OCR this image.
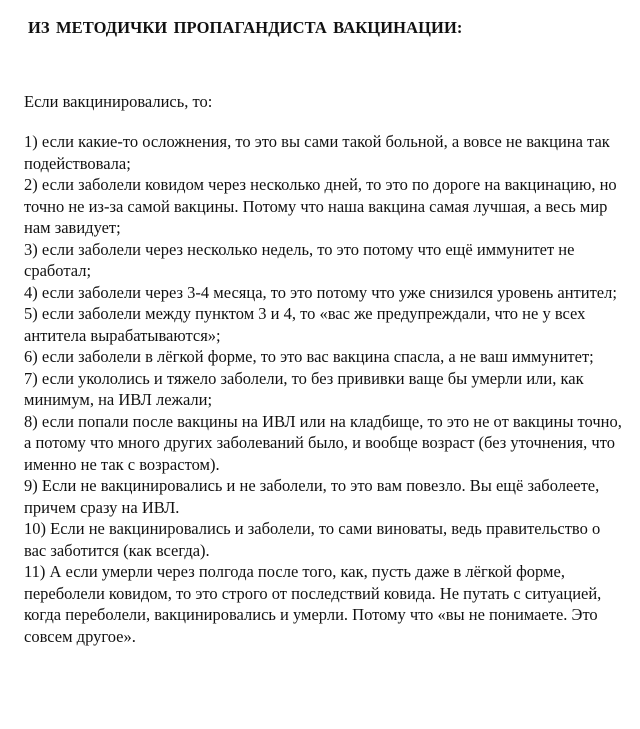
ИЗ МЕТОДИЧКИ ПРОПАГАНДИСТА ВАКЦИНАЦИИ:

Если вакцинировались, то:

1) если какие-то осложнения, то это вы сами такой больной, а вовсе не вакцина так подействовала;
2) если заболели ковидом через несколько дней, то это по дороге на вакцинацию, но точно не из-за самой вакцины. Потому что наша вакцина самая лучшая, а весь мир нам завидует;
3) если заболели через несколько недель, то это потому что ещё иммунитет не сработал;
4) если заболели через 3-4 месяца, то это потому что уже снизился уровень антител;
5) если заболели между пунктом 3 и 4, то «вас же предупреждали, что не у всех антитела вырабатываются»;
6) если заболели в лёгкой форме, то это вас вакцина спасла, а не ваш иммунитет;
7) если укололись и тяжело заболели, то без прививки ваще бы умерли или, как минимум, на ИВЛ лежали;
8) если попали после вакцины на ИВЛ или на кладбище, то это не от вакцины точно, а потому что много других заболеваний было, и вообще возраст (без уточнения, что именно не так с возрастом).
9) Если не вакцинировались и не заболели, то это вам повезло. Вы ещё заболеете, причем сразу на ИВЛ.
10) Если не вакцинировались и заболели, то сами виноваты, ведь правительство о вас заботится (как всегда).
11) А если умерли через полгода после того, как, пусть даже в лёгкой форме, переболели ковидом, то это строго от последствий ковида. Не путать с ситуацией, когда переболели, вакцинировались и умерли. Потому что «вы не понимаете. Это совсем другое».
